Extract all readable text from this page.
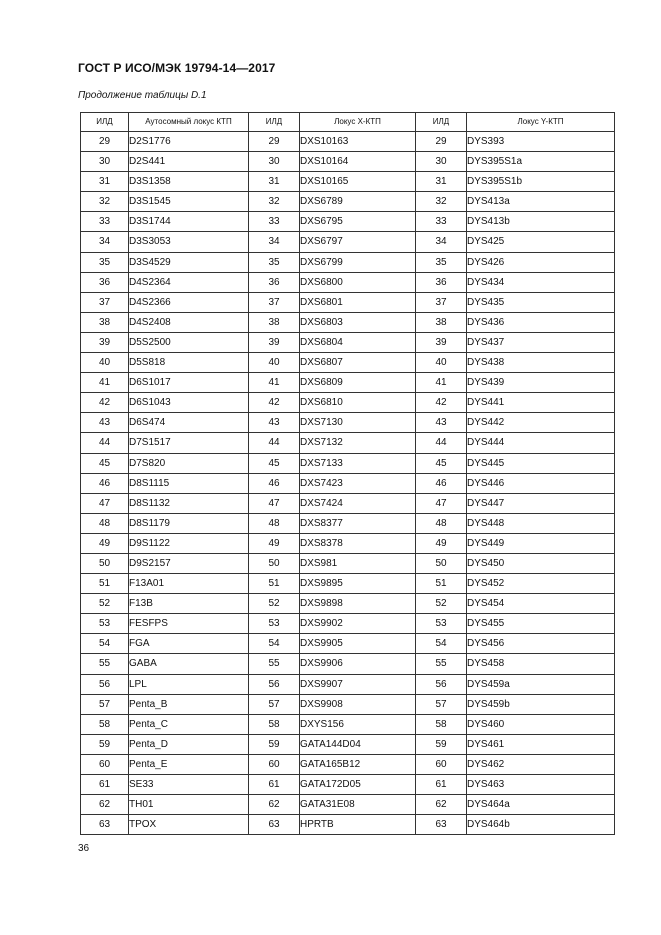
ГОСТ Р ИСО/МЭК 19794-14—2017
Продолжение таблицы D.1
ИЛД	Аутосомный локус КТП	ИЛД	Локус X-КТП	ИЛД	Локус Y-КТП
29	D2S1776	29	DXS10163	29	DYS393
30	D2S441	30	DXS10164	30	DYS395S1a
31	D3S1358	31	DXS10165	31	DYS395S1b
32	D3S1545	32	DXS6789	32	DYS413a
33	D3S1744	33	DXS6795	33	DYS413b
34	D3S3053	34	DXS6797	34	DYS425
35	D3S4529	35	DXS6799	35	DYS426
36	D4S2364	36	DXS6800	36	DYS434
37	D4S2366	37	DXS6801	37	DYS435
38	D4S2408	38	DXS6803	38	DYS436
39	D5S2500	39	DXS6804	39	DYS437
40	D5S818	40	DXS6807	40	DYS438
41	D6S1017	41	DXS6809	41	DYS439
42	D6S1043	42	DXS6810	42	DYS441
43	D6S474	43	DXS7130	43	DYS442
44	D7S1517	44	DXS7132	44	DYS444
45	D7S820	45	DXS7133	45	DYS445
46	D8S1115	46	DXS7423	46	DYS446
47	D8S1132	47	DXS7424	47	DYS447
48	D8S1179	48	DXS8377	48	DYS448
49	D9S1122	49	DXS8378	49	DYS449
50	D9S2157	50	DXS981	50	DYS450
51	F13A01	51	DXS9895	51	DYS452
52	F13B	52	DXS9898	52	DYS454
53	FESFPS	53	DXS9902	53	DYS455
54	FGA	54	DXS9905	54	DYS456
55	GABA	55	DXS9906	55	DYS458
56	LPL	56	DXS9907	56	DYS459a
57	Penta_B	57	DXS9908	57	DYS459b
58	Penta_C	58	DXYS156	58	DYS460
59	Penta_D	59	GATA144D04	59	DYS461
60	Penta_E	60	GATA165B12	60	DYS462
61	SE33	61	GATA172D05	61	DYS463
62	TH01	62	GATA31E08	62	DYS464a
63	TPOX	63	HPRTB	63	DYS464b
36
